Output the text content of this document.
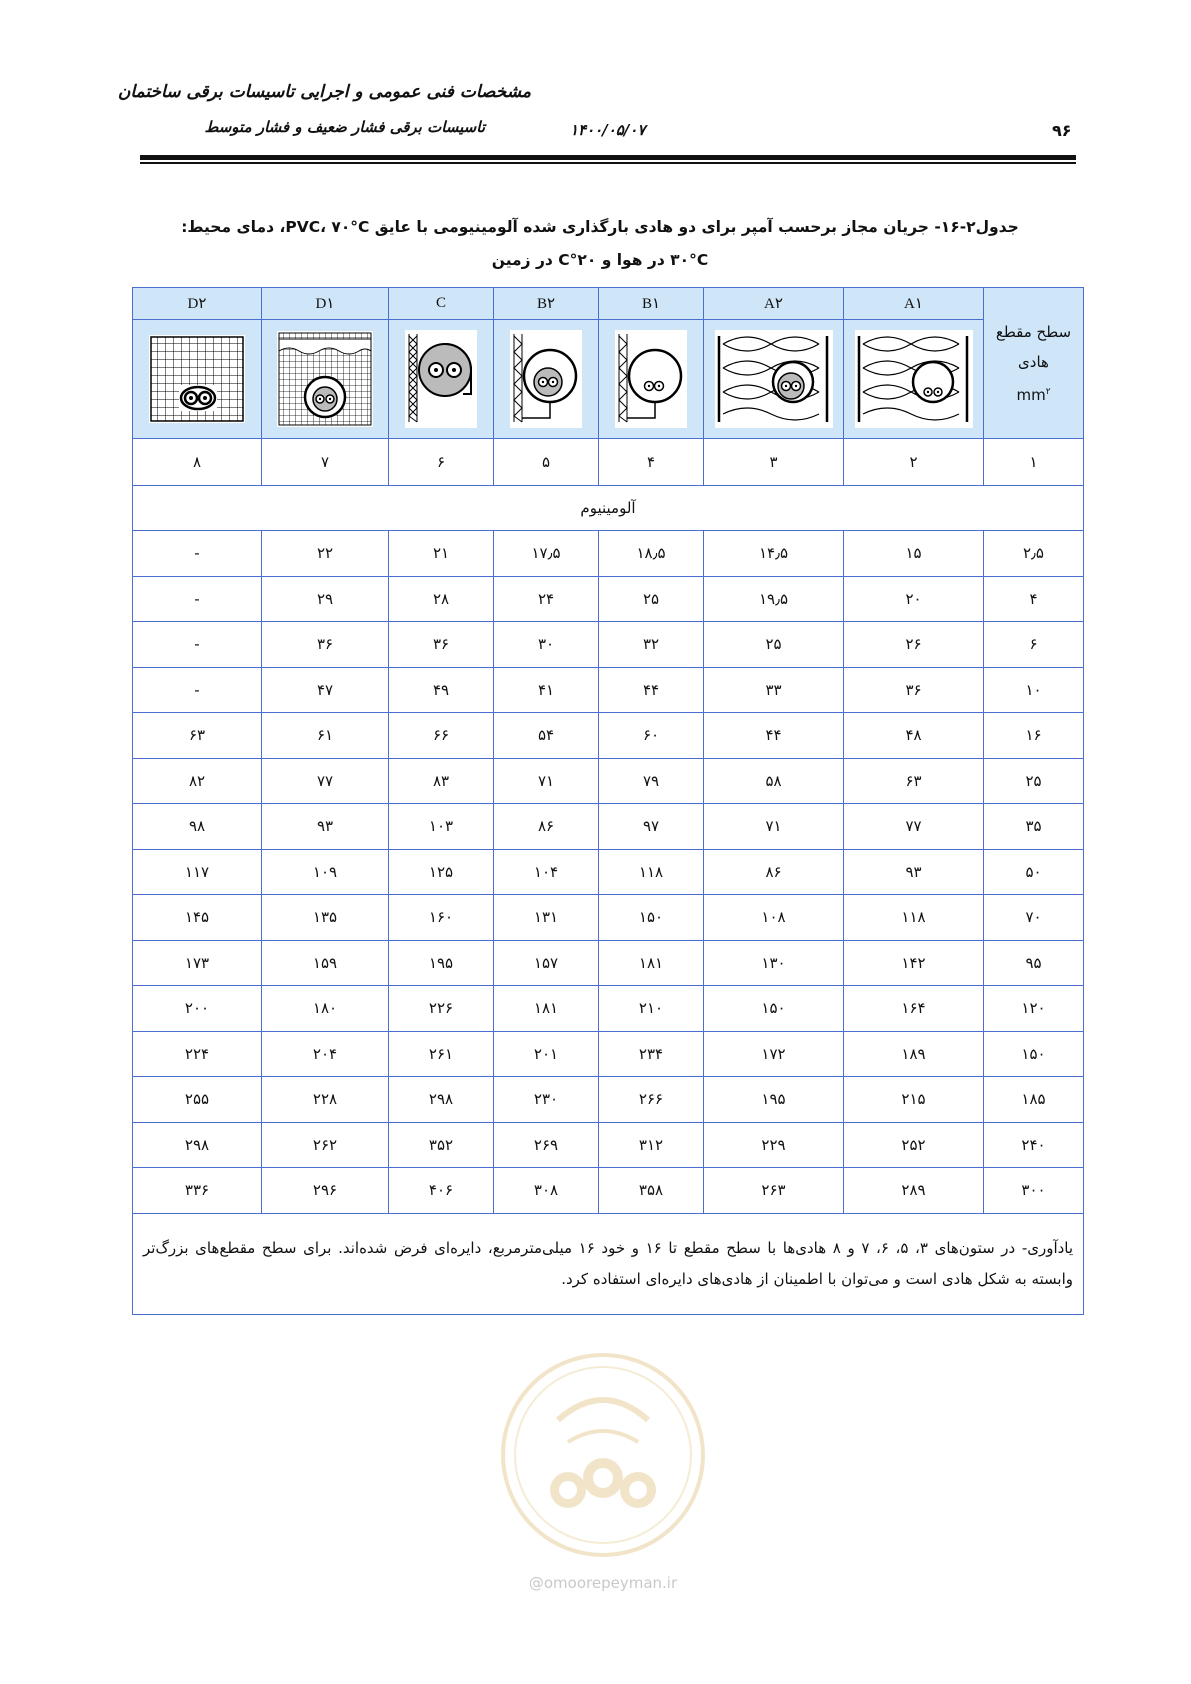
مشخصات فنی عمومی و اجرایی تاسیسات برقی ساختمان
تاسیسات برقی فشار ضعیف و فشار متوسط	۱۴۰۰/۰۵/۰۷	۹۶
جدول۲-۱۶- جریان مجاز برحسب آمپر برای دو هادی بارگذاری شده آلومینیومی با عایق PVC، ۷۰°C، دمای محیط:
۳۰°C در هوا و ۲۰°C در زمین
سطح مقطع
هادی
$mm^۲$	A۱	A۲	B۱	B۲	C	D۱	D۲

۱	۲	۳	۴	۵	۶	۷	۸
آلومینیوم							
۲٫۵	۱۵	۱۴٫۵	۱۸٫۵	۱۷٫۵	۲۱	۲۲	-
۴	۲۰	۱۹٫۵	۲۵	۲۴	۲۸	۲۹	-
۶	۲۶	۲۵	۳۲	۳۰	۳۶	۳۶	-
۱۰	۳۶	۳۳	۴۴	۴۱	۴۹	۴۷	-
۱۶	۴۸	۴۴	۶۰	۵۴	۶۶	۶۱	۶۳
۲۵	۶۳	۵۸	۷۹	۷۱	۸۳	۷۷	۸۲
۳۵	۷۷	۷۱	۹۷	۸۶	۱۰۳	۹۳	۹۸
۵۰	۹۳	۸۶	۱۱۸	۱۰۴	۱۲۵	۱۰۹	۱۱۷
۷۰	۱۱۸	۱۰۸	۱۵۰	۱۳۱	۱۶۰	۱۳۵	۱۴۵
۹۵	۱۴۲	۱۳۰	۱۸۱	۱۵۷	۱۹۵	۱۵۹	۱۷۳
۱۲۰	۱۶۴	۱۵۰	۲۱۰	۱۸۱	۲۲۶	۱۸۰	۲۰۰
۱۵۰	۱۸۹	۱۷۲	۲۳۴	۲۰۱	۲۶۱	۲۰۴	۲۲۴
۱۸۵	۲۱۵	۱۹۵	۲۶۶	۲۳۰	۲۹۸	۲۲۸	۲۵۵
۲۴۰	۲۵۲	۲۲۹	۳۱۲	۲۶۹	۳۵۲	۲۶۲	۲۹۸
۳۰۰	۲۸۹	۲۶۳	۳۵۸	۳۰۸	۴۰۶	۲۹۶	۳۳۶
یادآوری- در ستون‌های ۳، ۵، ۶، ۷ و ۸ هادی‌ها با سطح مقطع تا ۱۶ و خود ۱۶ میلی‌مترمربع، دایره‌ای فرض شده‌اند. برای سطح مقطع‌های بزرگ‌تر وابسته به شکل هادی است و می‌توان با اطمینان از هادی‌های دایره‌ای استفاده کرد.							
@omoorepeyman.ir
